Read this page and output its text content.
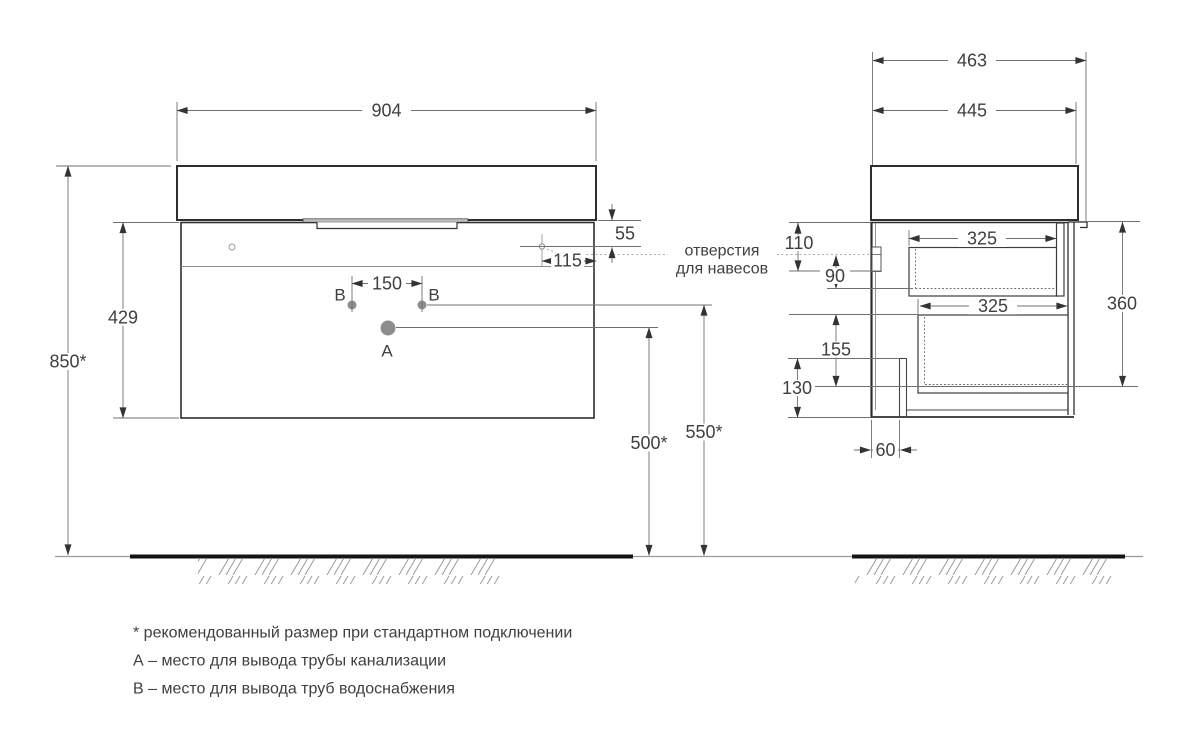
904
429
850*
55
115
150
500*
550*
А
В	В
463
445
110
90
325
325	360
155
130
60
отверстия
для навесов
* рекомендованный размер при стандартном подключении
А – место для вывода трубы канализации
В – место для вывода труб водоснабжения
